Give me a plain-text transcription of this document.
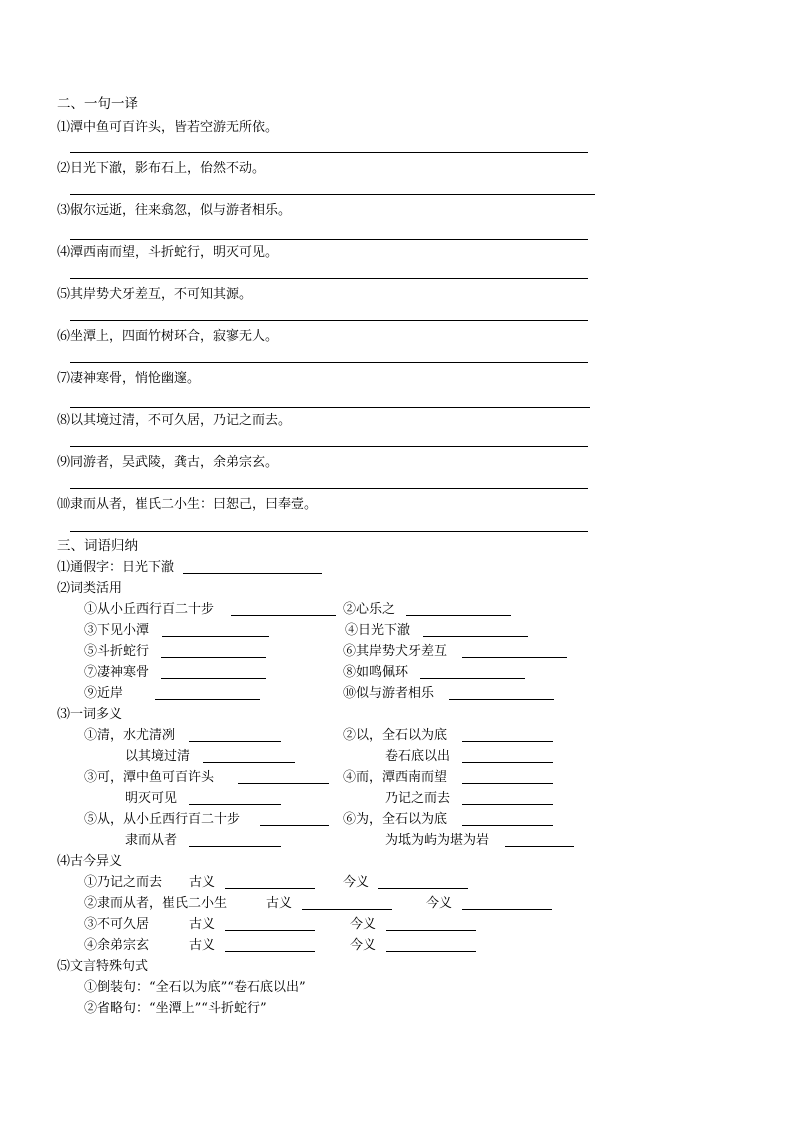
二、一句一译
⑴潭中鱼可百许头，皆若空游无所依。
⑵日光下澈，影布石上，佁然不动。
⑶俶尔远逝，往来翕忽，似与游者相乐。
⑷潭西南而望，斗折蛇行，明灭可见。
⑸其岸势犬牙差互，不可知其源。
⑹坐潭上，四面竹树环合，寂寥无人。
⑺凄神寒骨，悄怆幽邃。
⑻以其境过清，不可久居，乃记之而去。
⑼同游者，吴武陵，龚古，余弟宗玄。
⑽隶而从者，崔氏二小生：曰恕己，曰奉壹。
三、词语归纳
⑴通假字：日光下澈
⑵词类活用
①从小丘西行百二十步	②心乐之
③下见小潭	④日光下澈
⑤斗折蛇行	⑥其岸势犬牙差互
⑦凄神寒骨	⑧如鸣佩环
⑨近岸	⑩似与游者相乐
⑶一词多义
①清，水尤清冽	②以，全石以为底
以其境过清	卷石底以出
③可，潭中鱼可百许头	④而，潭西南而望
明灭可见	乃记之而去
⑤从，从小丘西行百二十步	⑥为，全石以为底
隶而从者	为坻为屿为堪为岩
⑷古今异义
①乃记之而去 古义	今义
②隶而从者，崔氏二小生	古义	今义
③不可久居	古义	今义
④余弟宗玄	古义	今义
⑸文言特殊句式
①倒装句：“全石以为底”“卷石底以出”
②省略句：“坐潭上”“斗折蛇行”
